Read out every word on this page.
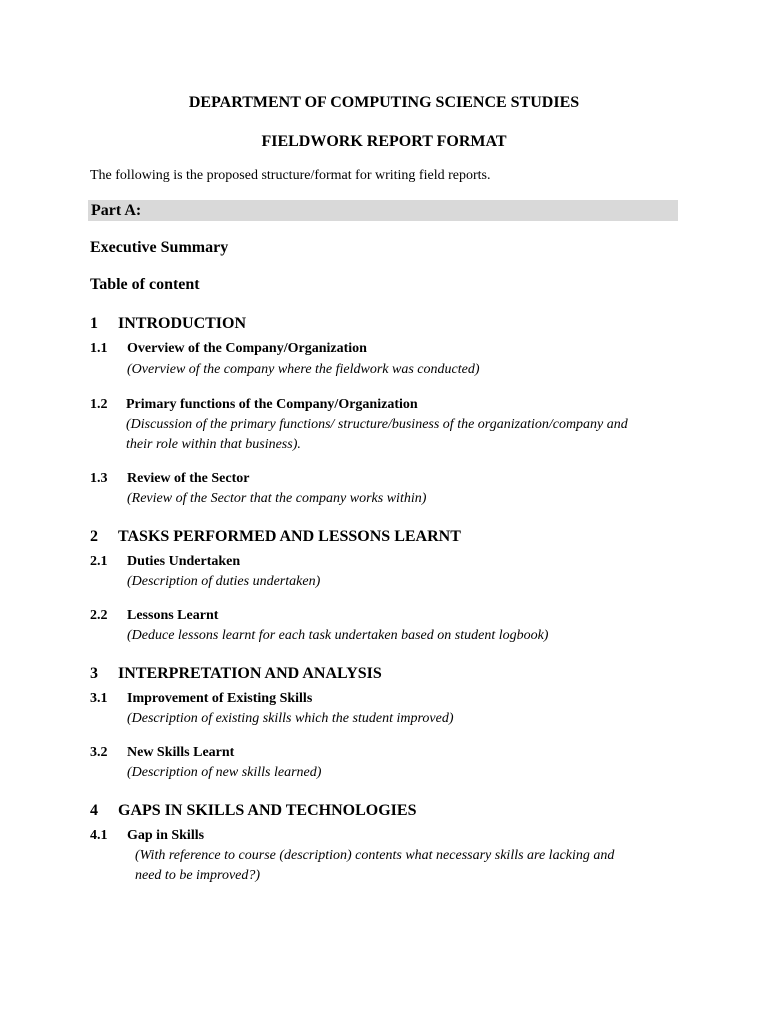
DEPARTMENT OF COMPUTING SCIENCE STUDIES
FIELDWORK REPORT FORMAT
The following is the proposed structure/format for writing field reports.
Part A:
Executive Summary
Table of content
1 INTRODUCTION
1.1 Overview of the Company/Organization
(Overview of the company where the fieldwork was conducted)
1.2 Primary functions of the Company/Organization
(Discussion of the primary functions/ structure/business of the organization/company and
their role within that business).
1.3 Review of the Sector
(Review of the Sector that the company works within)
2 TASKS PERFORMED AND LESSONS LEARNT
2.1 Duties Undertaken
(Description of duties undertaken)
2.2 Lessons Learnt
(Deduce lessons learnt for each task undertaken based on student logbook)
3 INTERPRETATION AND ANALYSIS
3.1 Improvement of Existing Skills
(Description of existing skills which the student improved)
3.2 New Skills Learnt
(Description of new skills learned)
4 GAPS IN SKILLS AND TECHNOLOGIES
4.1 Gap in Skills
(With reference to course (description) contents what necessary skills are lacking and
need to be improved?)
